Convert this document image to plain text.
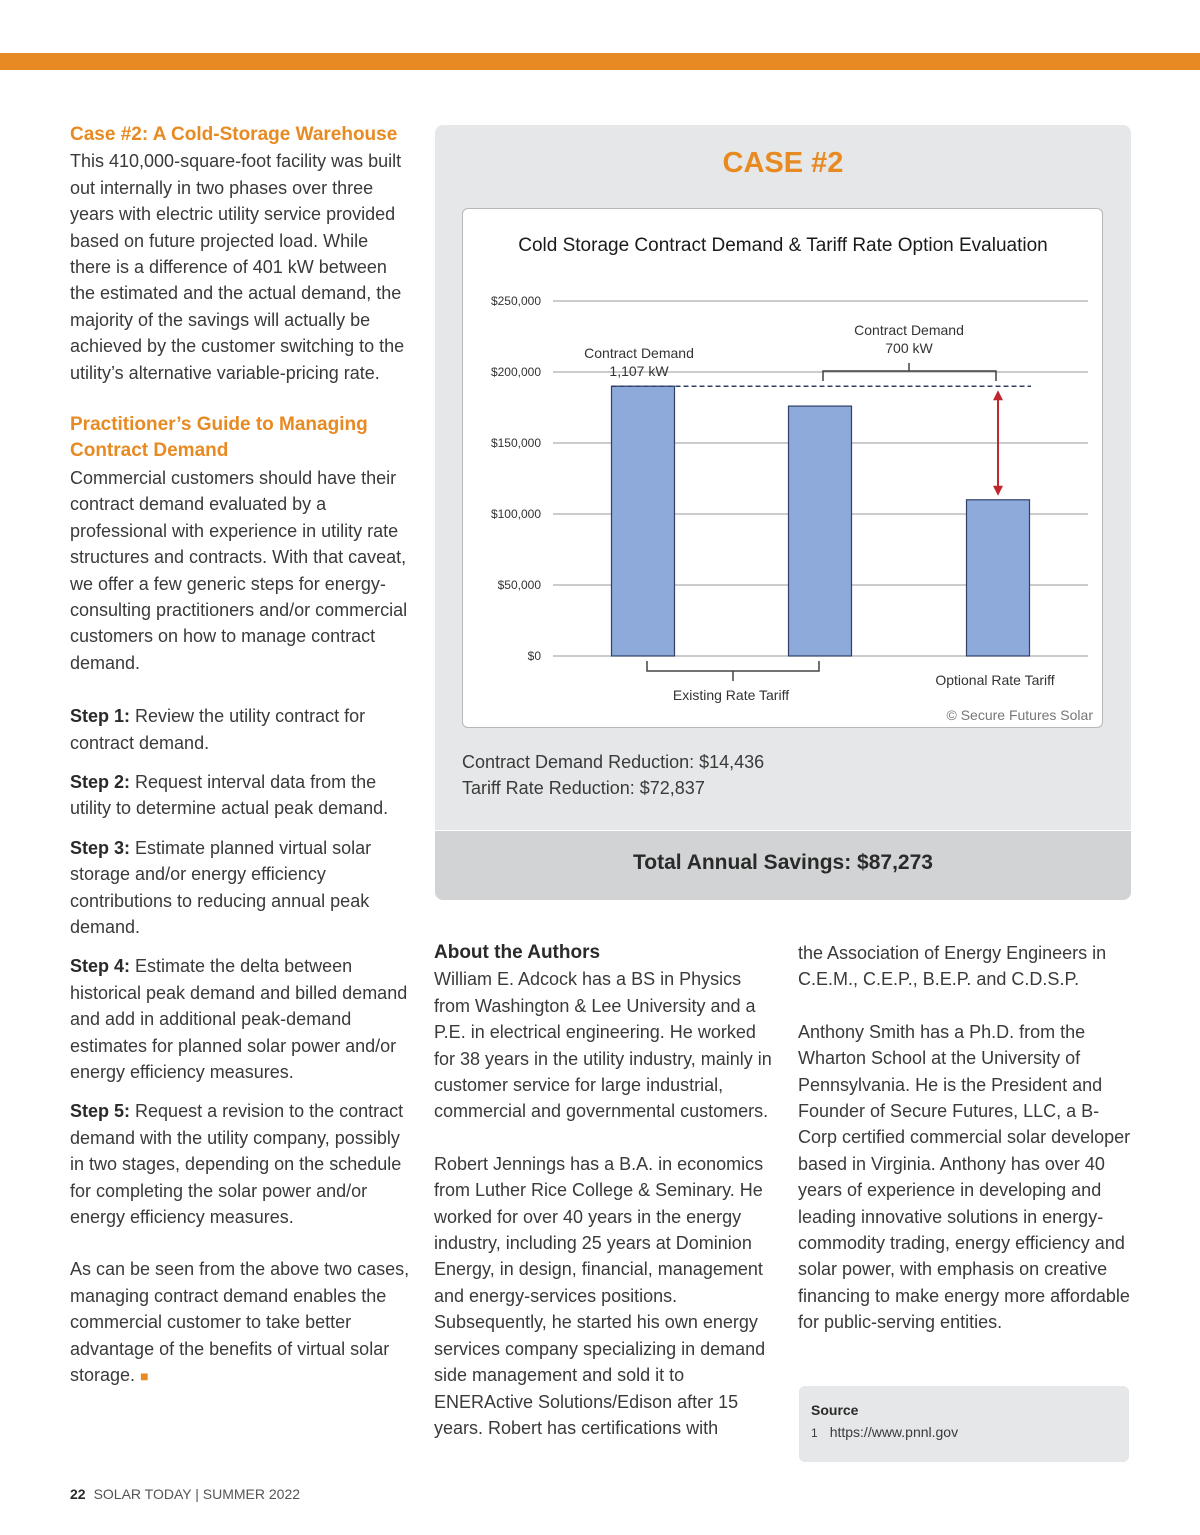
Case #2: A Cold-Storage Warehouse

This 410,000-square-foot facility was built out internally in two phases over three years with electric utility service provided based on future projected load. While there is a difference of 401 kW between the estimated and the actual demand, the majority of the savings will actually be achieved by the customer switching to the utility’s alternative variable-pricing rate.

Practitioner’s Guide to Managing Contract Demand

Commercial customers should have their contract demand evaluated by a professional with experience in utility rate structures and contracts. With that caveat, we offer a few generic steps for energy-consulting practitioners and/or commercial customers on how to manage contract demand.

Step 1: Review the utility contract for contract demand.

Step 2: Request interval data from the utility to determine actual peak demand.

Step 3: Estimate planned virtual solar storage and/or energy efficiency contributions to reducing annual peak demand.

Step 4: Estimate the delta between historical peak demand and billed demand and add in additional peak-demand estimates for planned solar power and/or energy efficiency measures.

Step 5: Request a revision to the contract demand with the utility company, possibly in two stages, depending on the schedule for completing the solar power and/or energy efficiency measures.

As can be seen from the above two cases, managing contract demand enables the commercial customer to take better advantage of the benefits of virtual solar storage. ■

CASE #2
Cold Storage Contract Demand & Tariff Rate Option Evaluation
$0
$50,000
$100,000
$150,000
$200,000
$250,000
Contract Demand
1,107 kW
Contract Demand
700 kW
Existing Rate Tariff
Optional Rate Tariff
© Secure Futures Solar
Contract Demand Reduction: $14,436
Tariff Rate Reduction: $72,837
Total Annual Savings: $87,273
About the Authors

William E. Adcock has a BS in Physics from Washington & Lee University and a P.E. in electrical engineering. He worked for 38 years in the utility industry, mainly in customer service for large industrial, commercial and governmental customers.

Robert Jennings has a B.A. in economics from Luther Rice College & Seminary. He worked for over 40 years in the energy industry, including 25 years at Dominion Energy, in design, financial, management and energy-services positions. Subsequently, he started his own energy services company specializing in demand side management and sold it to ENERActive Solutions/Edison after 15 years. Robert has certifications with

the Association of Energy Engineers in C.E.M., C.E.P., B.E.P. and C.D.S.P.

Anthony Smith has a Ph.D. from the Wharton School at the University of Pennsylvania. He is the President and Founder of Secure Futures, LLC, a B-Corp certified commercial solar developer based in Virginia. Anthony has over 40 years of experience in developing and leading innovative solutions in energy-commodity trading, energy efficiency and solar power, with emphasis on creative financing to make energy more affordable for public-serving entities.

Source
1 https://www.pnnl.gov
22 SOLAR TODAY | SUMMER 2022
